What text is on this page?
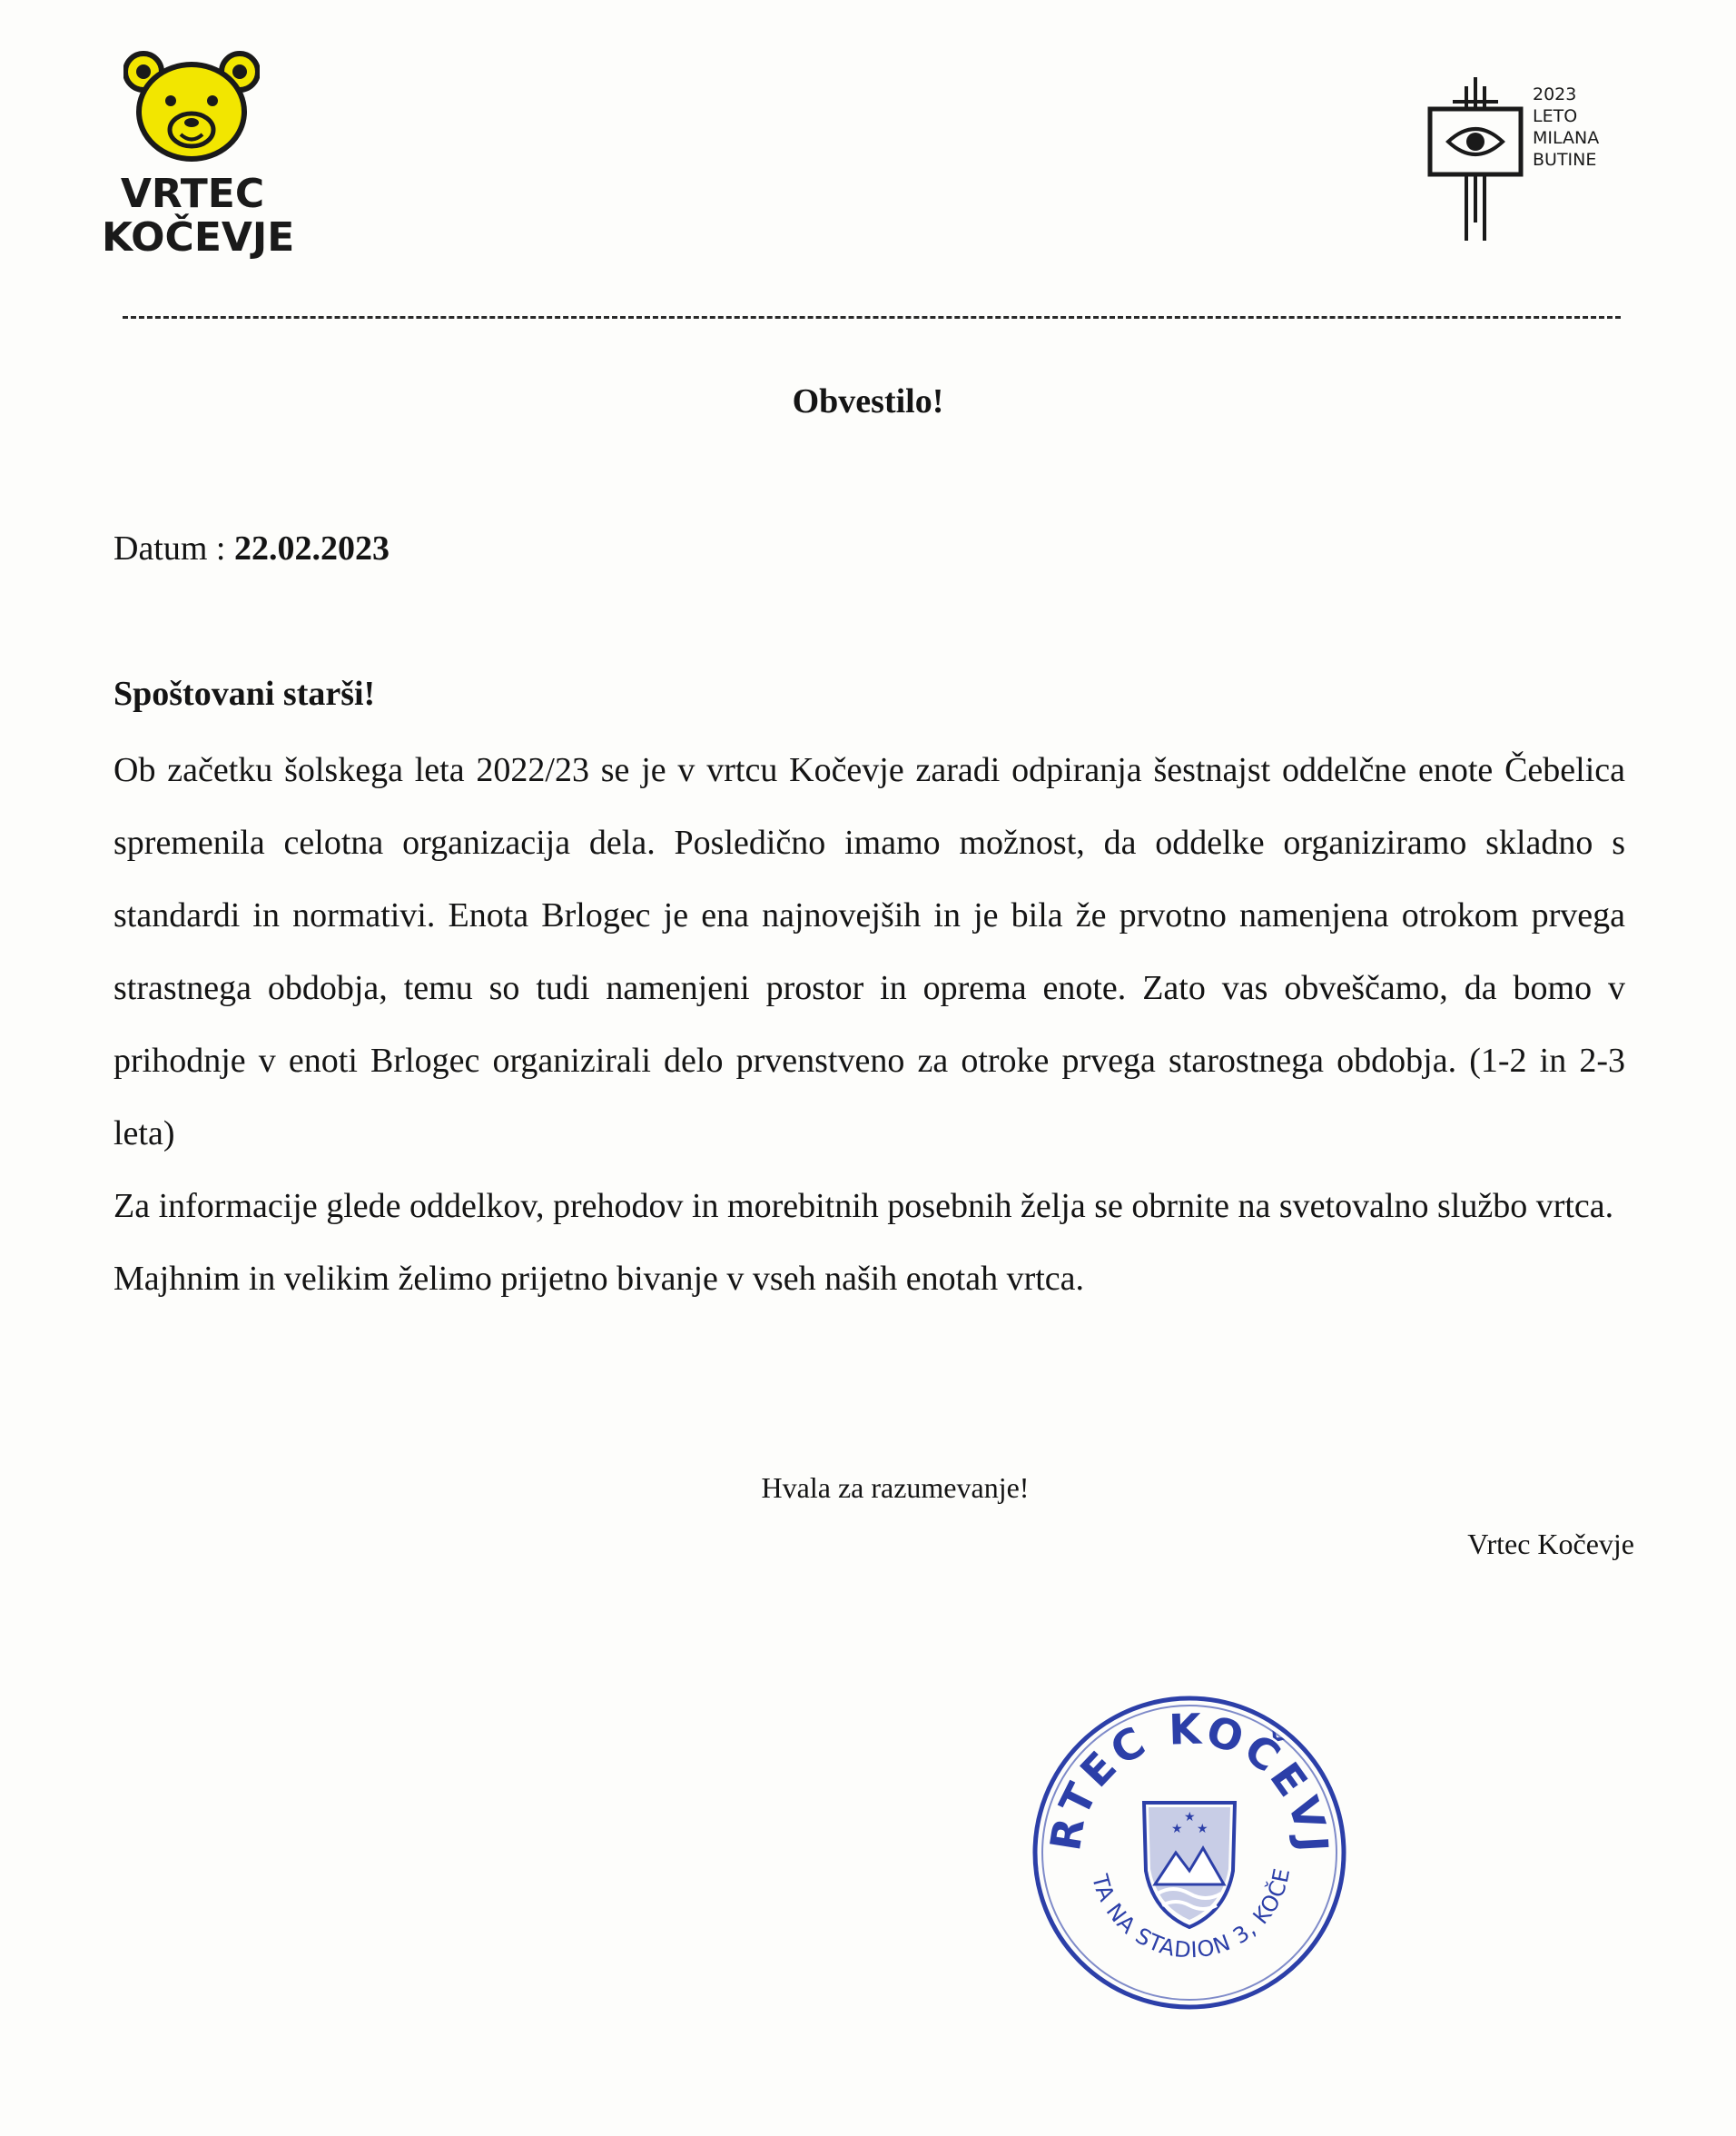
VRTEC
KOČEVJE
2023
LETO
MILANA
BUTINE
Obvestilo!
Datum : 22.02.2023
Spoštovani starši!

Ob začetku šolskega leta 2022/23 se je v vrtcu Kočevje zaradi odpiranja šestnajst oddelčne enote Čebelica spremenila celotna organizacija dela. Posledično imamo možnost, da oddelke organiziramo skladno s standardi in normativi. Enota Brlogec je ena najnovejših in je bila že prvotno namenjena otrokom prvega strastnega obdobja, temu so tudi namenjeni prostor in oprema enote. Zato vas obveščamo, da bomo v prihodnje v enoti Brlogec organizirali delo prvenstveno za otroke prvega starostnega obdobja. (1-2 in 2-3 leta)

Za informacije glede oddelkov, prehodov in morebitnih posebnih želja se obrnite na svetovalno službo vrtca.

Majhnim in velikim želimo prijetno bivanje v vseh naših enotah vrtca.

Hvala za razumevanje!
Vrtec Kočevje
RTEC KOČEVJ
TA NA STADION 3, KOČE
★ ★
★
